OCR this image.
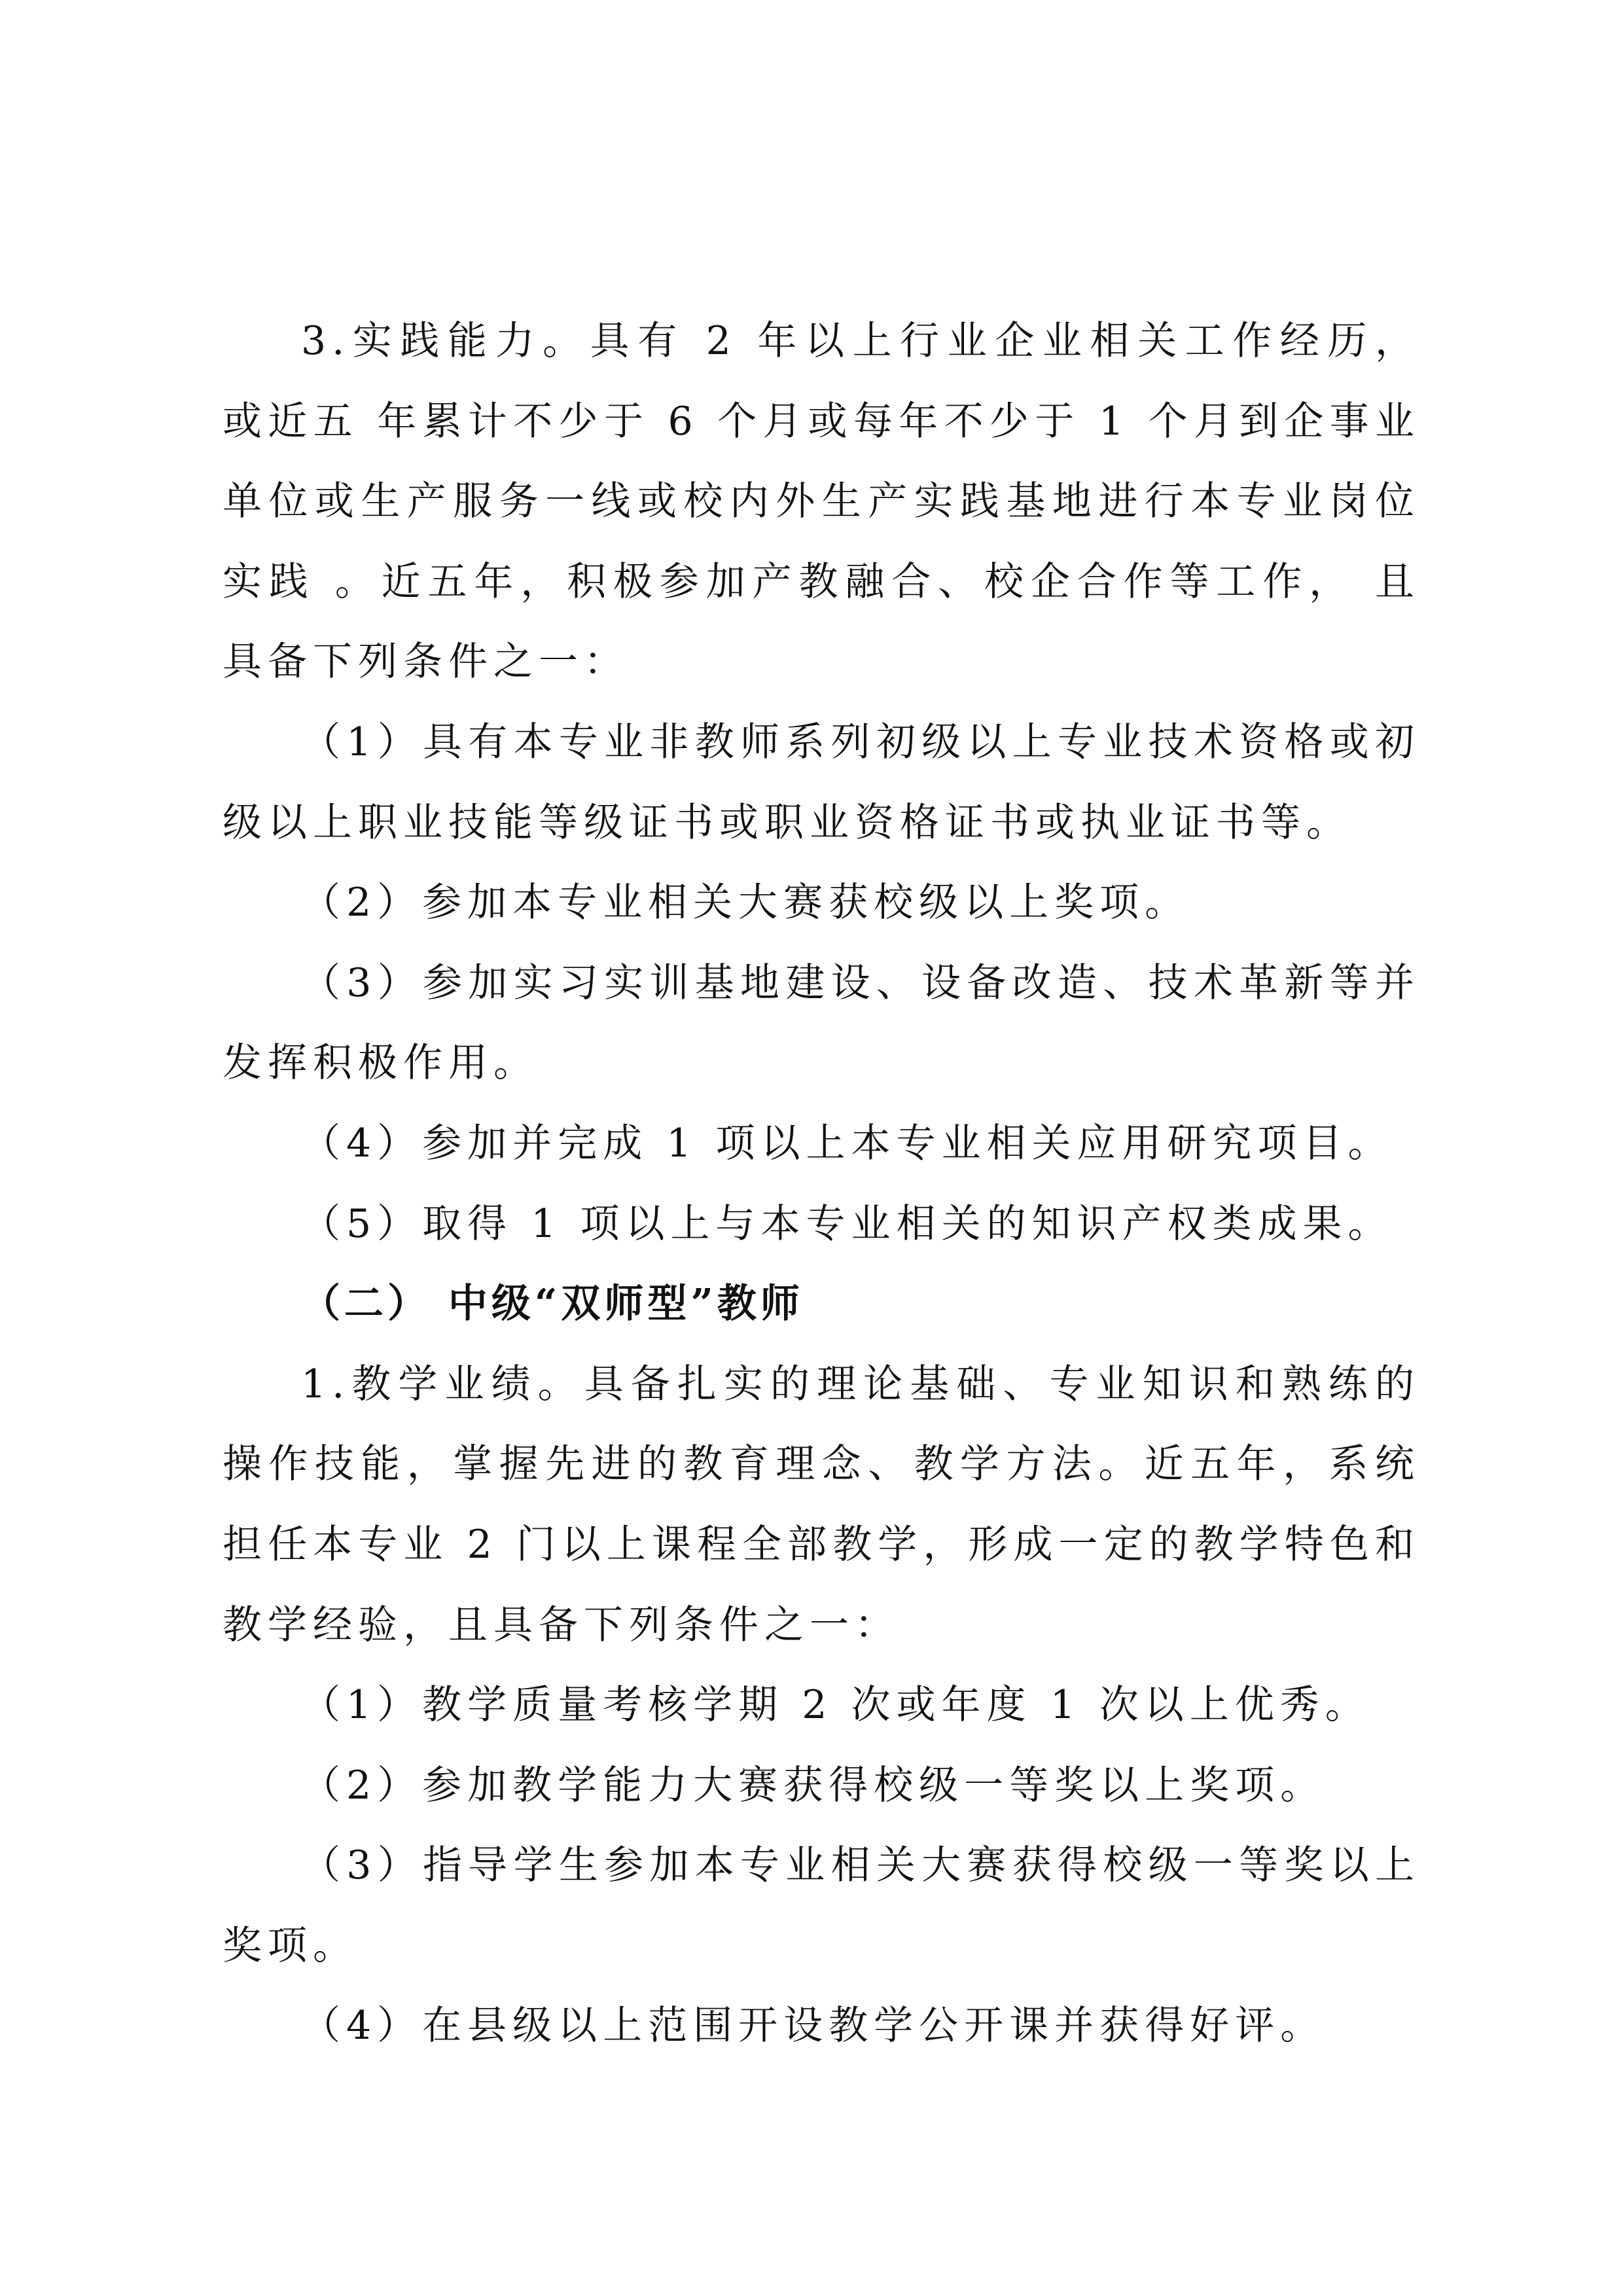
3.实践能力。具有 2 年以上行业企业相关工作经历， 或近五 年累计不少于 6 个月或每年不少于 1 个月到企事业单位或生产服务一线或校内外生产实践基地进行本专业岗位实践 。近五年，积极参加产教融合、校企合作等工作， 且具备下列条件之一：

（1）具有本专业非教师系列初级以上专业技术资格或初级以上职业技能等级证书或职业资格证书或执业证书等。

（2）参加本专业相关大赛获校级以上奖项。

（3）参加实习实训基地建设、设备改造、技术革新等并发挥积极作用。

（4）参加并完成 1 项以上本专业相关应用研究项目。

（5）取得 1 项以上与本专业相关的知识产权类成果。

（二） 中级“双师型”教师

1.教学业绩。具备扎实的理论基础、专业知识和熟练的操作技能，掌握先进的教育理念、教学方法。近五年，系统担任本专业 2 门以上课程全部教学，形成一定的教学特色和教学经验，且具备下列条件之一：

（1）教学质量考核学期 2 次或年度 1 次以上优秀。

（2）参加教学能力大赛获得校级一等奖以上奖项。

（3）指导学生参加本专业相关大赛获得校级一等奖以上奖项。

（4）在县级以上范围开设教学公开课并获得好评。
